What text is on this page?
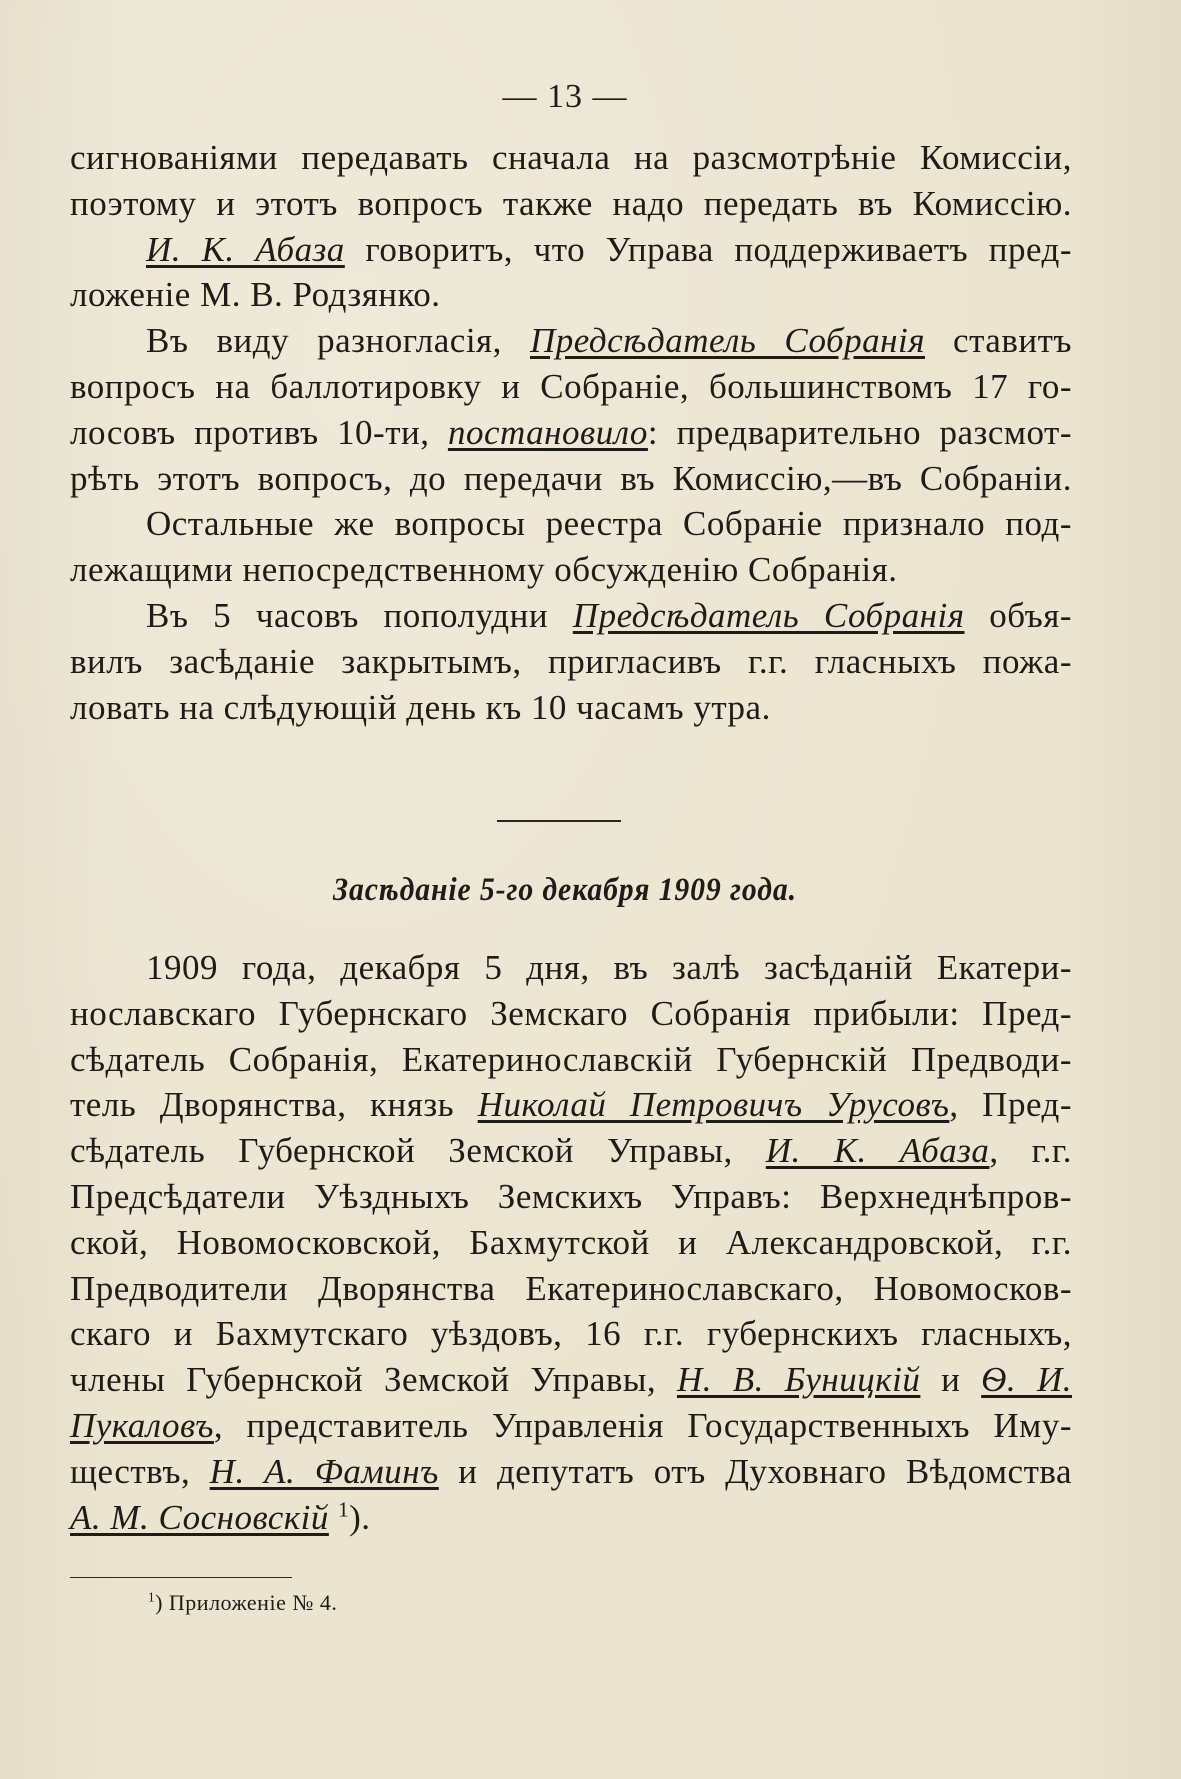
— 13 —
сигнованіями передавать сначала на разсмотрѣніе Комиссіи,
поэтому и этотъ вопросъ также надо передать въ Комиссію.
И. К. Абаза говоритъ, что Управа поддерживаетъ пред-
ложеніе М. В. Родзянко.
Въ виду разногласія, Предсѣдатель Собранія ставитъ
вопросъ на баллотировку и Собраніе, большинствомъ 17 го-
лосовъ противъ 10-ти, постановило: предварительно разсмот-
рѣть этотъ вопросъ, до передачи въ Комиссію,—въ Собраніи.
Остальные же вопросы реестра Собраніе признало под-
лежащими непосредственному обсужденію Собранія.
Въ 5 часовъ пополудни Предсѣдатель Собранія объя-
вилъ засѣданіе закрытымъ, пригласивъ г.г. гласныхъ пожа-
ловать на слѣдующій день къ 10 часамъ утра.
Засѣданіе 5-го декабря 1909 года.
1909 года, декабря 5 дня, въ залѣ засѣданій Екатери-
нославскаго Губернскаго Земскаго Собранія прибыли: Пред-
сѣдатель Собранія, Екатеринославскій Губернскій Предводи-
тель Дворянства, князь Николай Петровичъ Урусовъ, Пред-
сѣдатель Губернской Земской Управы, И. К. Абаза, г.г.
Предсѣдатели Уѣздныхъ Земскихъ Управъ: Верхнеднѣпров-
ской, Новомосковской, Бахмутской и Александровской, г.г.
Предводители Дворянства Екатеринославскаго, Новомосков-
скаго и Бахмутскаго уѣздовъ, 16 г.г. губернскихъ гласныхъ,
члены Губернской Земской Управы, Н. В. Буницкій и Ѳ. И.
Пукаловъ, представитель Управленія Государственныхъ Иму-
ществъ, Н. А. Фаминъ и депутатъ отъ Духовнаго Вѣдомства
А. М. Сосновскій $^1$).
$^1$) Приложеніе № 4.
